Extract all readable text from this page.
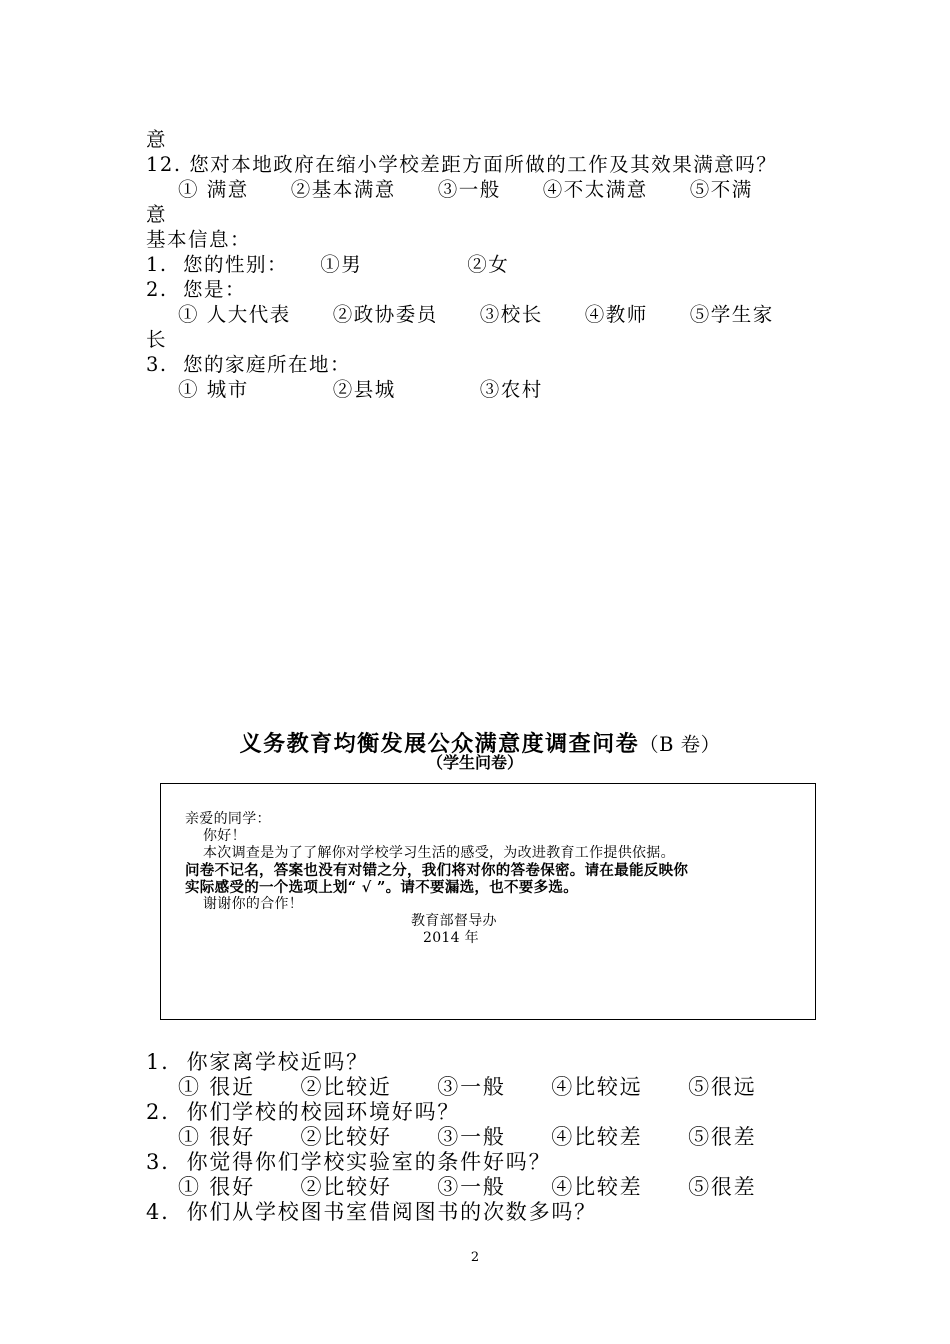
意
12. 您对本地政府在缩小学校差距方面所做的工作及其效果满意吗？
① 满意　　②基本满意　　③一般　　④不太满意　　⑤不满
意
基本信息：
1.  您的性别：　　①男　　　　　②女
2.  您是：
① 人大代表　　②政协委员　　③校长　　④教师　　⑤学生家
长
3.  您的家庭所在地：
① 城市　　　　②县城　　　　③农村

义务教育均衡发展公众满意度调查问卷（B 卷）

（学生问卷）
亲爱的同学：
你好！
本次调查是为了了解你对学校学习生活的感受，为改进教育工作提供依据。
问卷不记名，答案也没有对错之分，我们将对你的答卷保密。请在最能反映你
实际感受的一个选项上划“ √ ”。请不要漏选，也不要多选。
谢谢你的合作！
教育部督导办
2014 年
1.  你家离学校近吗？
① 很近　　②比较近　　③一般　　④比较远　　⑤很远
2.  你们学校的校园环境好吗？
① 很好　　②比较好　　③一般　　④比较差　　⑤很差
3.  你觉得你们学校实验室的条件好吗？
① 很好　　②比较好　　③一般　　④比较差　　⑤很差
4.  你们从学校图书室借阅图书的次数多吗？
2
